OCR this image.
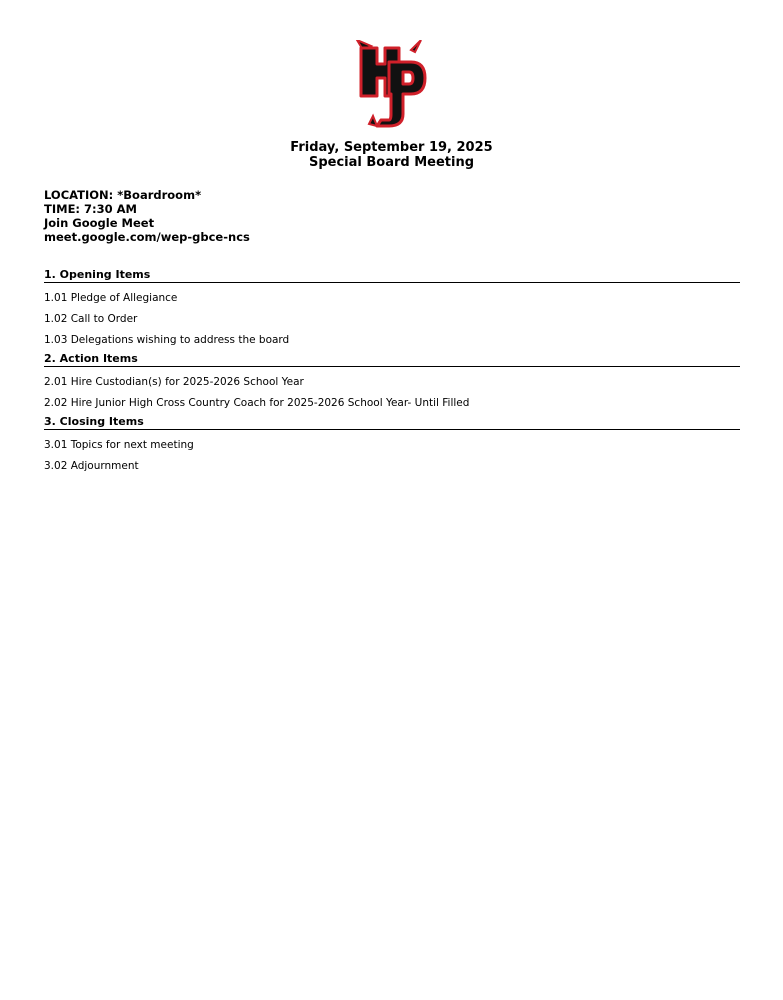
Friday, September 19, 2025
Special Board Meeting
LOCATION: *Boardroom*
TIME: 7:30 AM
Join Google Meet
meet.google.com/wep-gbce-ncs
1. Opening Items
1.01 Pledge of Allegiance
1.02 Call to Order
1.03 Delegations wishing to address the board
2. Action Items
2.01 Hire Custodian(s) for 2025-2026 School Year
2.02 Hire Junior High Cross Country Coach for 2025-2026 School Year- Until Filled
3. Closing Items
3.01 Topics for next meeting
3.02 Adjournment
